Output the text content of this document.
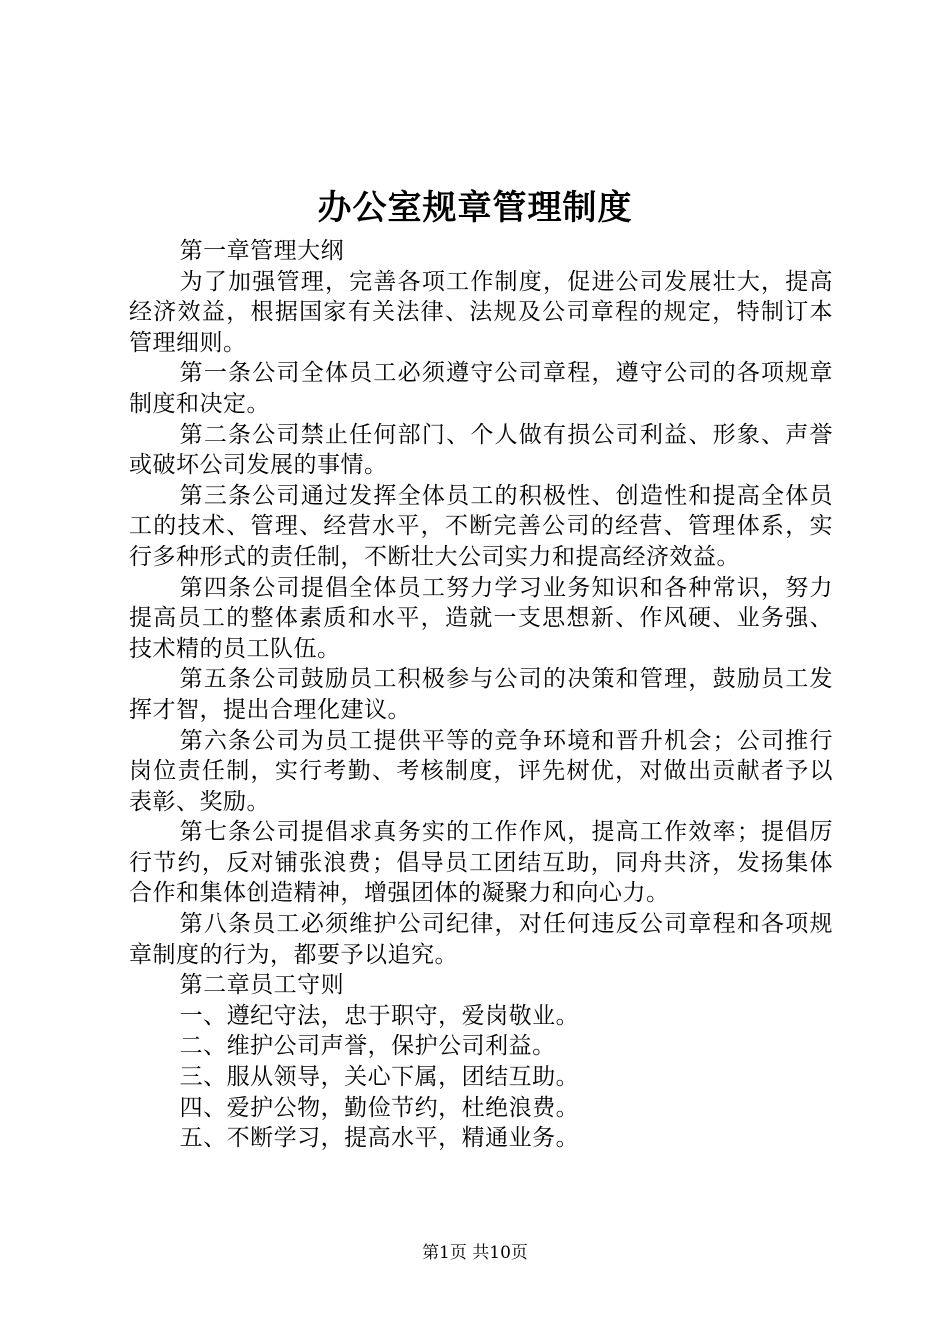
办公室规章管理制度

第一章管理大纲

为了加强管理，完善各项工作制度，促进公司发展壮大，提高经济效益，根据国家有关法律、法规及公司章程的规定，特制订本管理细则。

第一条公司全体员工必须遵守公司章程，遵守公司的各项规章制度和决定。

第二条公司禁止任何部门、个人做有损公司利益、形象、声誉或破坏公司发展的事情。

第三条公司通过发挥全体员工的积极性、创造性和提高全体员工的技术、管理、经营水平，不断完善公司的经营、管理体系，实行多种形式的责任制，不断壮大公司实力和提高经济效益。

第四条公司提倡全体员工努力学习业务知识和各种常识，努力提高员工的整体素质和水平，造就一支思想新、作风硬、业务强、技术精的员工队伍。

第五条公司鼓励员工积极参与公司的决策和管理，鼓励员工发挥才智，提出合理化建议。

第六条公司为员工提供平等的竞争环境和晋升机会；公司推行岗位责任制，实行考勤、考核制度，评先树优，对做出贡献者予以表彰、奖励。

第七条公司提倡求真务实的工作作风，提高工作效率；提倡厉行节约，反对铺张浪费；倡导员工团结互助，同舟共济，发扬集体合作和集体创造精神，增强团体的凝聚力和向心力。

第八条员工必须维护公司纪律，对任何违反公司章程和各项规章制度的行为，都要予以追究。

第二章员工守则

一、遵纪守法，忠于职守，爱岗敬业。

二、维护公司声誉，保护公司利益。

三、服从领导，关心下属，团结互助。

四、爱护公物，勤俭节约，杜绝浪费。

五、不断学习，提高水平，精通业务。

第1页 共10页
